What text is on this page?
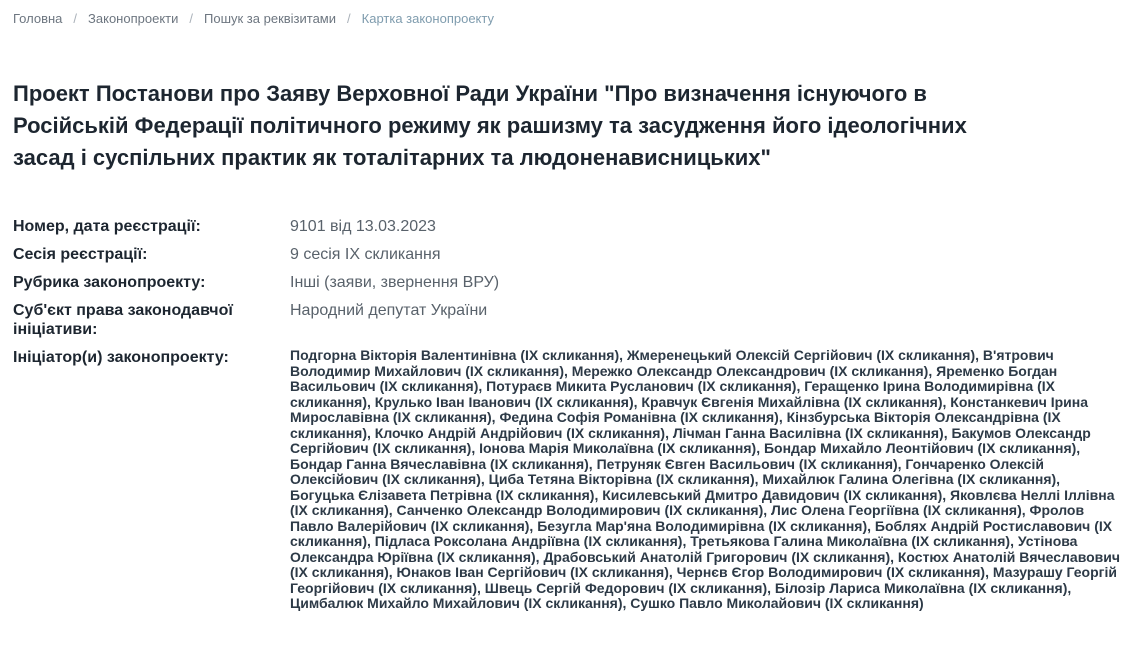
Головна / Законопроекти / Пошук за реквізитами / Картка законопроекту
Проект Постанови про Заяву Верховної Ради України "Про визначення існуючого в Російській Федерації політичного режиму як рашизму та засудження його ідеологічних засад і суспільних практик як тоталітарних та людоненависницьких"
Номер, дата реєстрації:	9101 від 13.03.2023
Сесія реєстрації:	9 сесія IX скликання
Рубрика законопроекту:	Інші (заяви, звернення ВРУ)
Суб'єкт права законодавчої ініціативи:
Народний депутат України
Ініціатор(и) законопроекту:	Подгорна Вікторія Валентинівна (IX скликання), Жмеренецький Олексій Сергійович (IX скликання), В'ятрович Володимир Михайлович (IX скликання), Мережко Олександр Олександрович (IX скликання), Яременко Богдан Васильович (IX скликання), Потураєв Микита Русланович (IX скликання), Геращенко Ірина Володимирівна (IX скликання), Крулько Іван Іванович (IX скликання), Кравчук Євгенія Михайлівна (IX скликання), Констанкевич Ірина Мирославівна (IX скликання), Федина Софія Романівна (IX скликання), Кінзбурська Вікторія Олександрівна (IX скликання), Клочко Андрій Андрійович (IX скликання), Лічман Ганна Василівна (IX скликання), Бакумов Олександр Сергійович (IX скликання), Іонова Марія Миколаївна (IX скликання), Бондар Михайло Леонтійович (IX скликання), Бондар Ганна Вячеславівна (IX скликання), Петруняк Євген Васильович (IX скликання), Гончаренко Олексій Олексійович (IX скликання), Циба Тетяна Вікторівна (IX скликання), Михайлюк Галина Олегівна (IX скликання), Богуцька Єлізавета Петрівна (IX скликання), Кисилевський Дмитро Давидович (IX скликання), Яковлєва Неллі Іллівна (IX скликання), Санченко Олександр Володимирович (IX скликання), Лис Олена Георгіївна (IX скликання), Фролов Павло Валерійович (IX скликання), Безугла Мар'яна Володимирівна (IX скликання), Боблях Андрій Ростиславович (IX скликання), Підласа Роксолана Андріївна (IX скликання), Третьякова Галина Миколаївна (IX скликання), Устінова Олександра Юріївна (IX скликання), Драбовський Анатолій Григорович (IX скликання), Костюх Анатолій Вячеславович (IX скликання), Юнаков Іван Сергійович (IX скликання), Чернєв Єгор Володимирович (IX скликання), Мазурашу Георгій Георгійович (IX скликання), Швець Сергій Федорович (IX скликання), Білозір Лариса Миколаївна (IX скликання), Цимбалюк Михайло Михайлович (IX скликання), Сушко Павло Миколайович (IX скликання)
